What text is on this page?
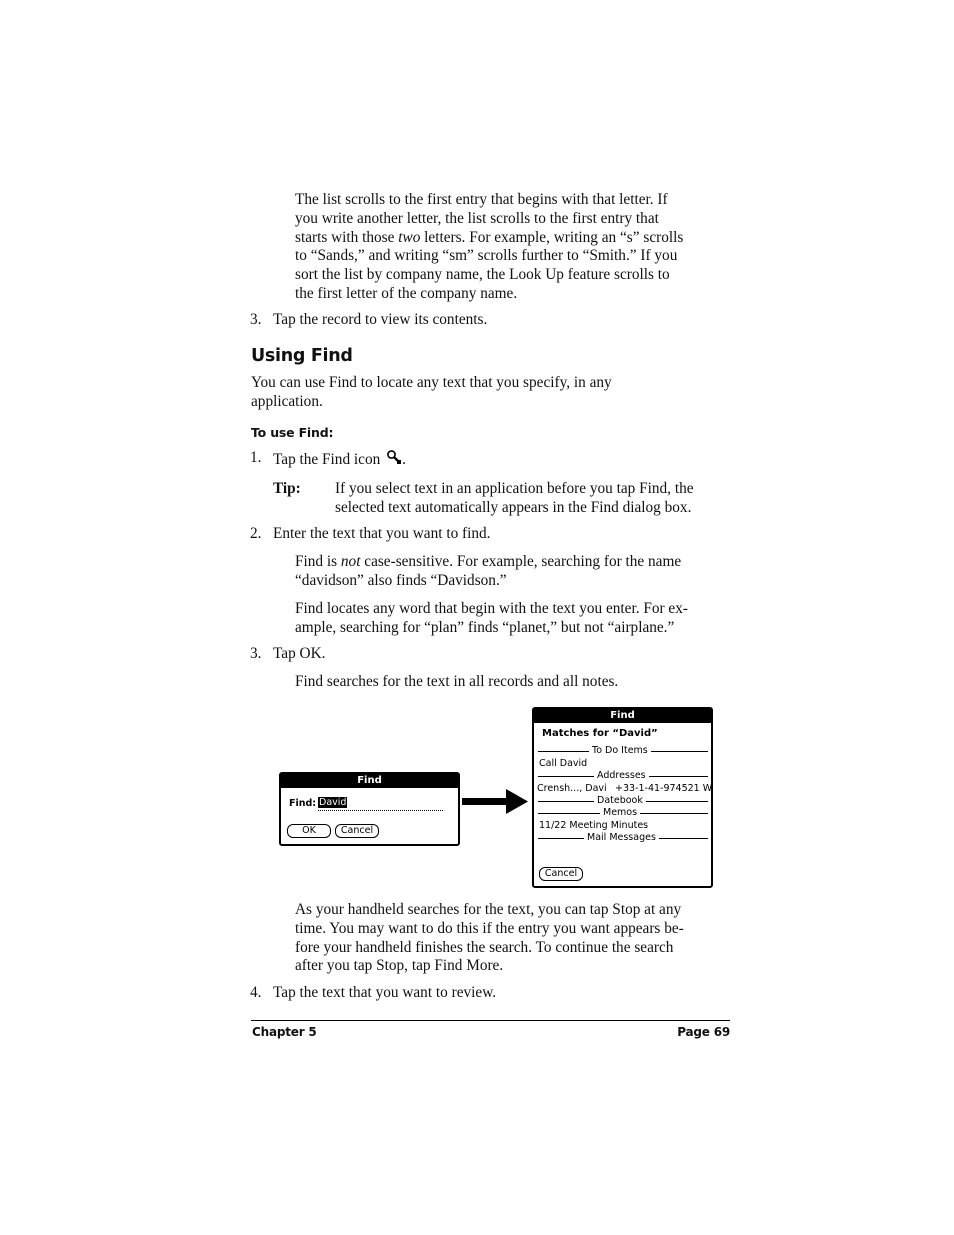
The list scrolls to the first entry that begins with that letter. If
you write another letter, the list scrolls to the first entry that
starts with those two letters. For example, writing an “s” scrolls
to “Sands,” and writing “sm” scrolls further to “Smith.” If you
sort the list by company name, the Look Up feature scrolls to
the first letter of the company name.
3. Tap the record to view its contents.
Using Find
You can use Find to locate any text that you specify, in any
application.
To use Find:
1. Tap the Find icon .
Tip: If you select text in an application before you tap Find, the
selected text automatically appears in the Find dialog box.
2. Enter the text that you want to find.
Find is not case-sensitive. For example, searching for the name
“davidson” also finds “Davidson.”
Find locates any word that begin with the text you enter. For ex-
ample, searching for “plan” finds “planet,” but not “airplane.”
3. Tap OK.
Find searches for the text in all records and all notes.
Find
Find: David
OK	Cancel
Find
Matches for “David”
To Do Items
Call David
Addresses
Crensh..., Davi +33-1-41-974521 W
Datebook
Memos
11/22 Meeting Minutes
Mail Messages
Cancel
As your handheld searches for the text, you can tap Stop at any
time. You may want to do this if the entry you want appears be-
fore your handheld finishes the search. To continue the search
after you tap Stop, tap Find More.
4. Tap the text that you want to review.
Chapter 5	Page 69
